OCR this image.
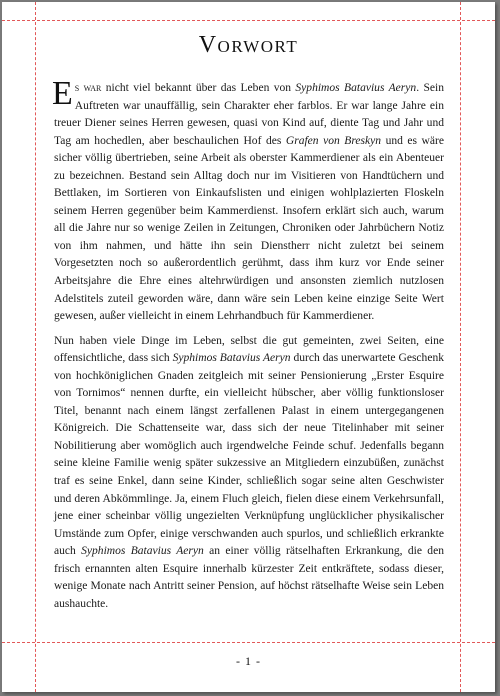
Vorwort

Es war nicht viel bekannt über das Leben von Syphimos Batavius Aeryn. Sein Auftreten war unauffällig, sein Charakter eher farblos. Er war lange Jahre ein treuer Diener seines Herren gewesen, quasi von Kind auf, diente Tag und Jahr und Tag am hochedlen, aber beschaulichen Hof des Grafen von Breskyn und es wäre sicher völlig übertrieben, seine Arbeit als oberster Kammerdiener als ein Abenteuer zu bezeichnen. Bestand sein Alltag doch nur im Visitieren von Handtüchern und Bettlaken, im Sortieren von Einkaufslisten und einigen wohlplazierten Floskeln seinem Herren gegenüber beim Kammerdienst. Insofern erklärt sich auch, warum all die Jahre nur so wenige Zeilen in Zeitungen, Chroniken oder Jahrbüchern Notiz von ihm nahmen, und hätte ihn sein Dienstherr nicht zuletzt bei seinem Vorgesetzten noch so außerordentlich gerühmt, dass ihm kurz vor Ende seiner Arbeitsjahre die Ehre eines altehrwürdigen und ansonsten ziemlich nutzlosen Adelstitels zuteil geworden wäre, dann wäre sein Leben keine einzige Seite Wert gewesen, außer vielleicht in einem Lehrhandbuch für Kammerdiener.

Nun haben viele Dinge im Leben, selbst die gut gemeinten, zwei Seiten, eine offensichtliche, dass sich Syphimos Batavius Aeryn durch das unerwartete Geschenk von hochköniglichen Gnaden zeitgleich mit seiner Pensionierung „Erster Esquire von Tornimos“ nennen durfte, ein vielleicht hübscher, aber völlig funktionsloser Titel, benannt nach einem längst zerfallenen Palast in einem untergegangenen Königreich. Die Schattenseite war, dass sich der neue Titelinhaber mit seiner Nobilitierung aber womöglich auch irgendwelche Feinde schuf. Jedenfalls begann seine kleine Familie wenig später sukzessive an Mitgliedern einzubüßen, zunächst traf es seine Enkel, dann seine Kinder, schließlich sogar seine alten Geschwister und deren Abkömmlinge. Ja, einem Fluch gleich, fielen diese einem Verkehrsunfall, jene einer scheinbar völlig ungezielten Verknüpfung unglücklicher physikalischer Umstände zum Opfer, einige verschwanden auch spurlos, und schließlich erkrankte auch Syphimos Batavius Aeryn an einer völlig rätselhaften Erkrankung, die den frisch ernannten alten Esquire innerhalb kürzester Zeit entkräftete, sodass dieser, wenige Monate nach Antritt seiner Pension, auf höchst rätselhafte Weise sein Leben aushauchte.

- 1 -
